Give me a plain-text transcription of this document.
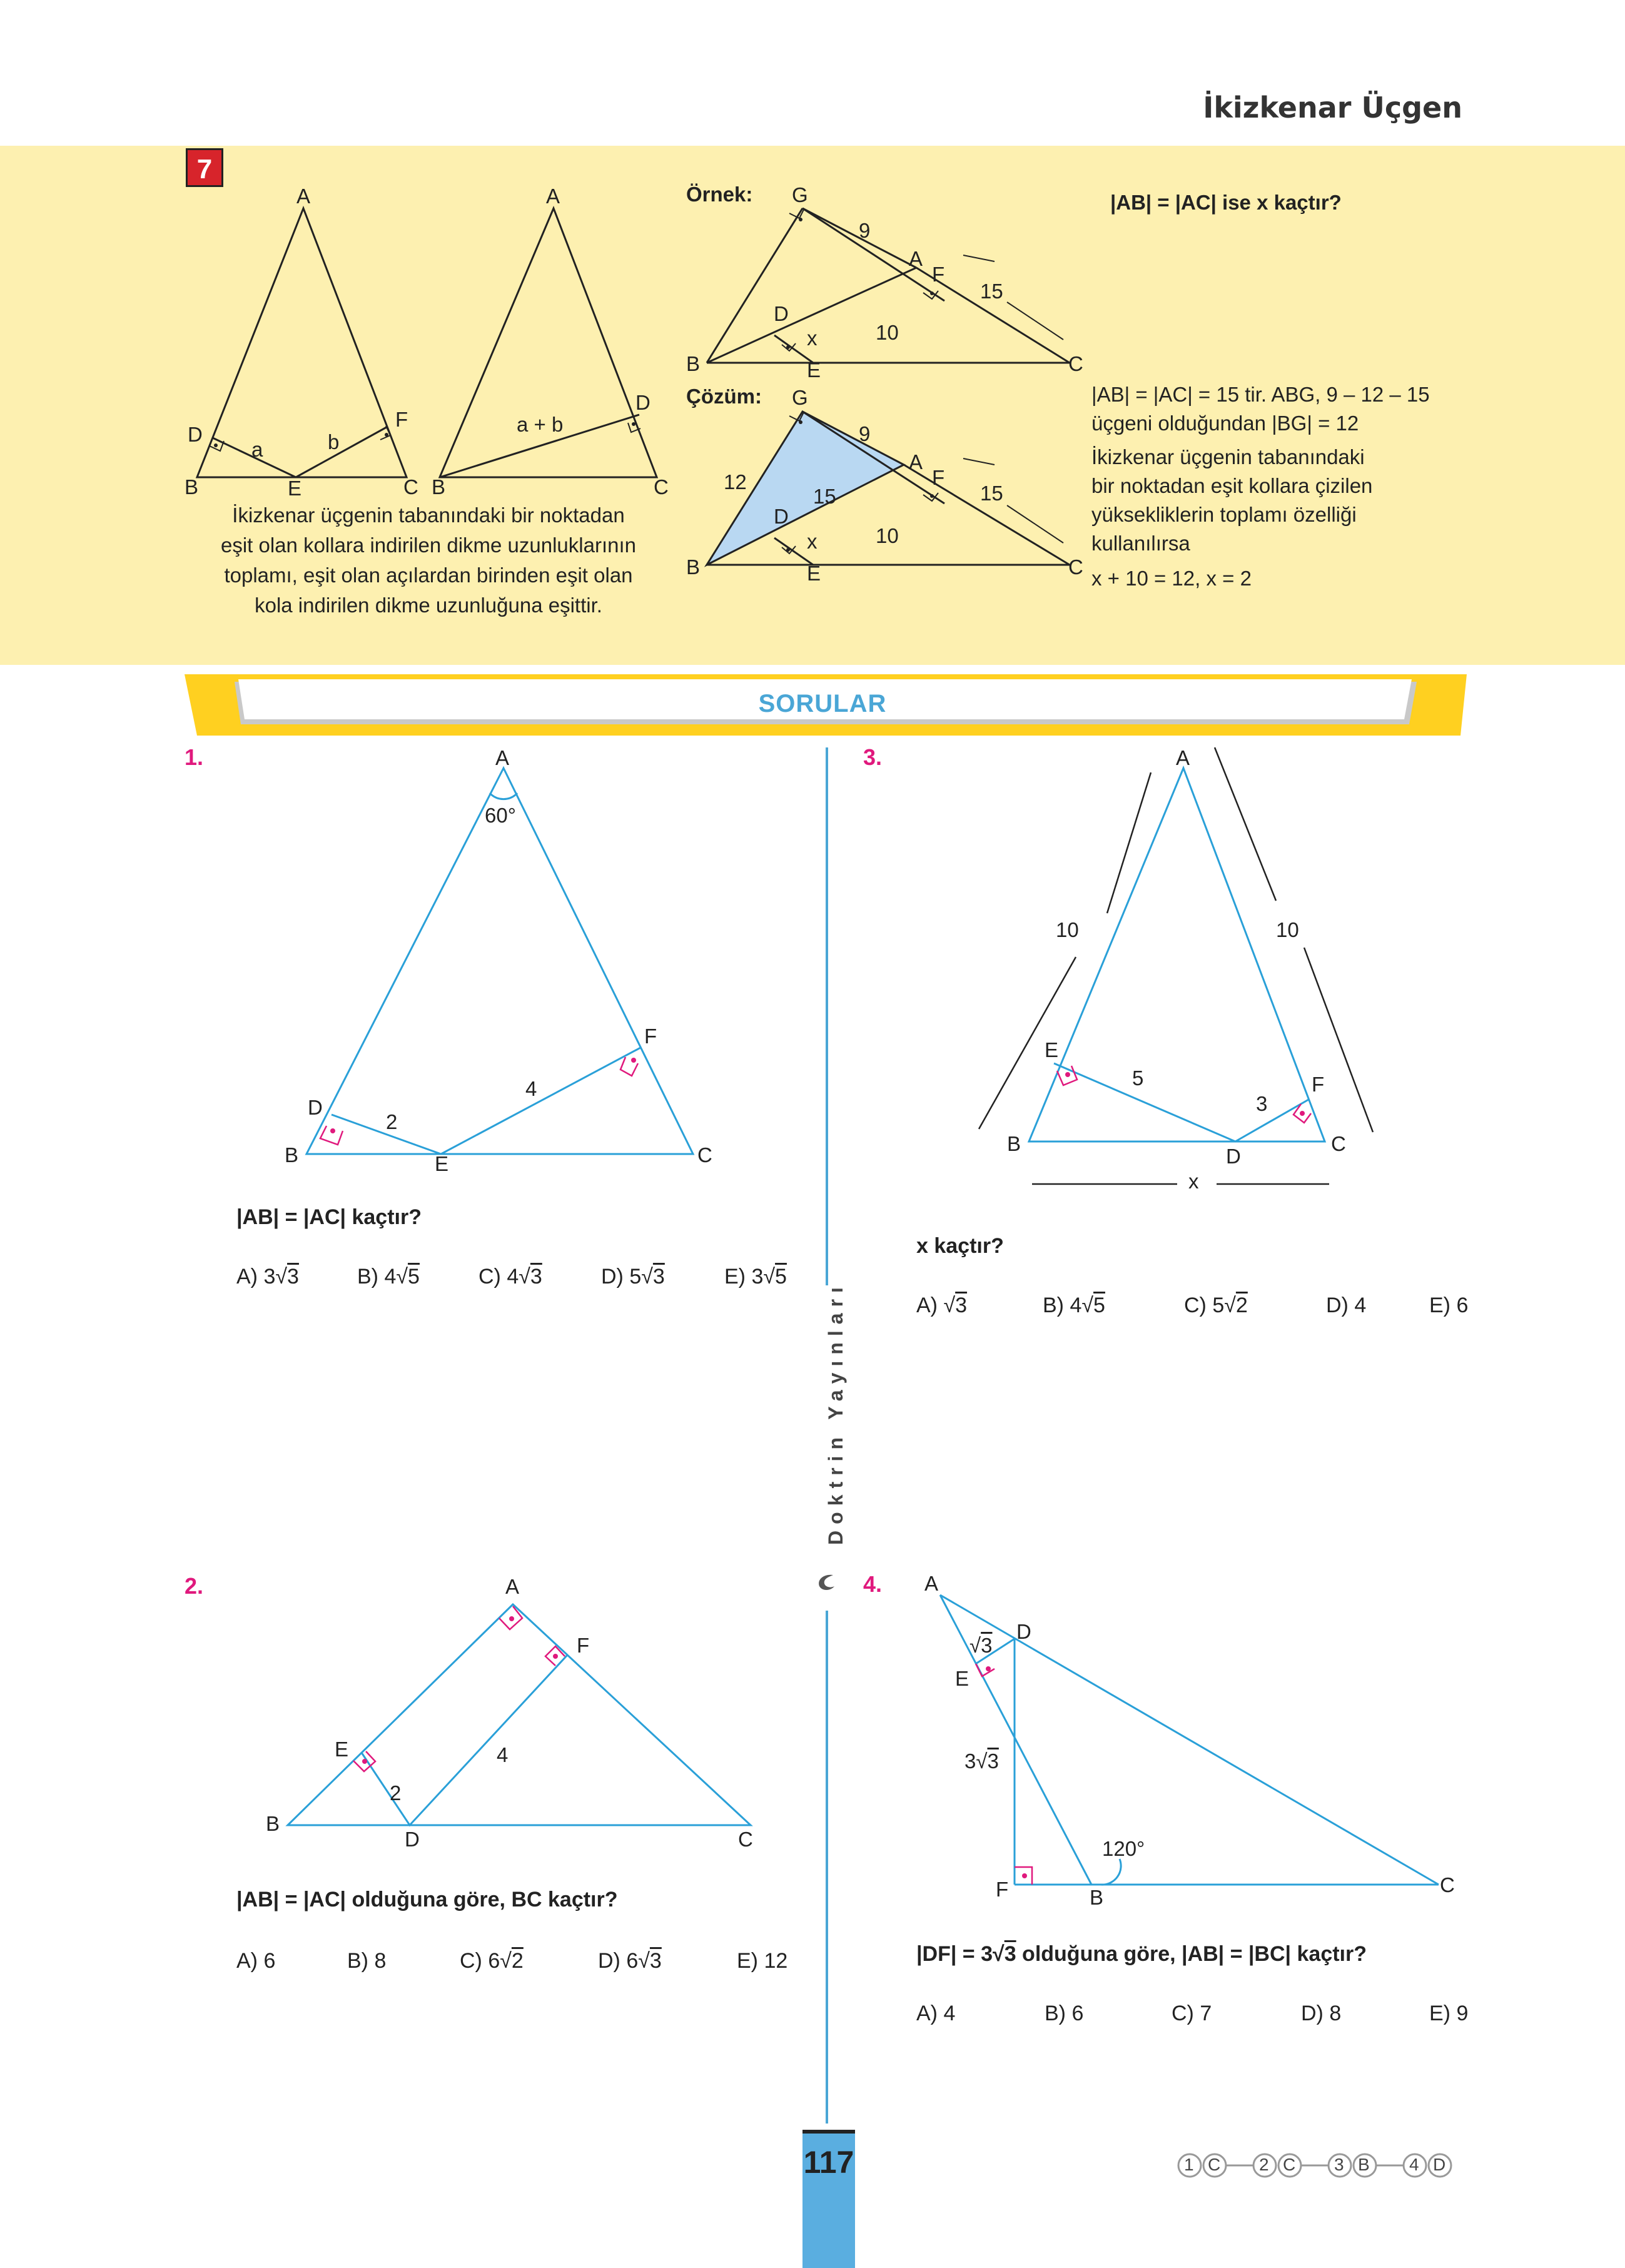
İkizkenar Üçgen
7
A
B	C
D
E
F
a	b
A
B	C
D
a + b
İkizkenar üçgenin tabanındaki bir noktadan
eşit olan kollara indirilen dikme uzunluklarının
toplamı, eşit olan açılardan birinden eşit olan
kola indirilen dikme uzunluğuna eşittir.
Örnek:	|AB| = |AC| ise x kaçtır?
G
A
B	C
D
E
F
9
15
10
x
Çözüm: G
A
B	C
D
E
F
9
15
15
12
10
x
|AB| = |AC| = 15 tir. ABG, 9 – 12 – 15
üçgeni olduğundan |BG| = 12
İkizkenar üçgenin tabanındaki
bir noktadan eşit kollara çizilen
yüksekliklerin toplamı özelliği
kullanılırsa
x + 10 = 12, x = 2
SORULAR
Doktrin Yayınları
1.	A
B	C
D
E
F
60°
2
4
|AB| = |AC| kaçtır?
A) 3√3	B) 4√5	C) 4√3	D) 5√3	E) 3√5
3.	A
B	C
D
E
F
10	10
5
3
x
x kaçtır?
A) √3	B) 4√5	C) 5√2	D) 4	E) 6
2.	A
B
C
D
E
F
2
4
|AB| = |AC| olduğuna göre, BC kaçtır?
A) 6	B) 8	C) 6√2	D) 6√3	E) 12
4. A
B
C
D
E
F
√3
3√3
120°
|DF| = 3√3 olduğuna göre, |AB| = |BC| kaçtır?
A) 4	B) 6	C) 7	D) 8	E) 9
117	1 C 2 C 3 B 4 D
